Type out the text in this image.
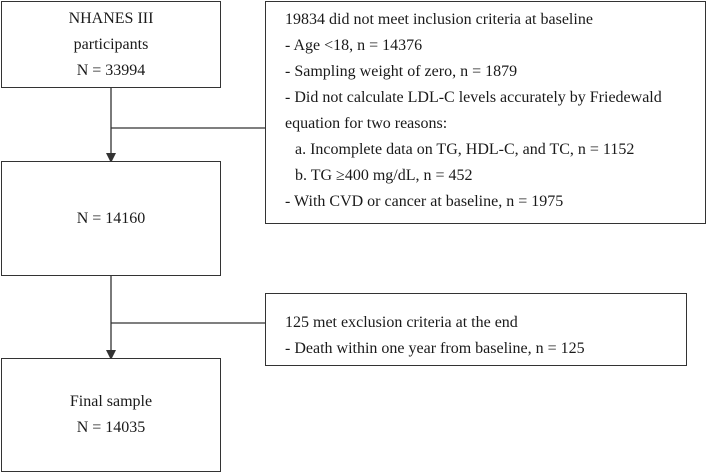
NHANES III
participants
N = 33994
19834 did not meet inclusion criteria at baseline
- Age <18, n = 14376
- Sampling weight of zero, n = 1879
- Did not calculate LDL-C levels accurately by Friedewald
equation for two reasons:
a. Incomplete data on TG, HDL-C, and TC, n = 1152
b. TG ≥400 mg/dL, n = 452
- With CVD or cancer at baseline, n = 1975
N = 14160
125 met exclusion criteria at the end
- Death within one year from baseline, n = 125
Final sample
N = 14035
